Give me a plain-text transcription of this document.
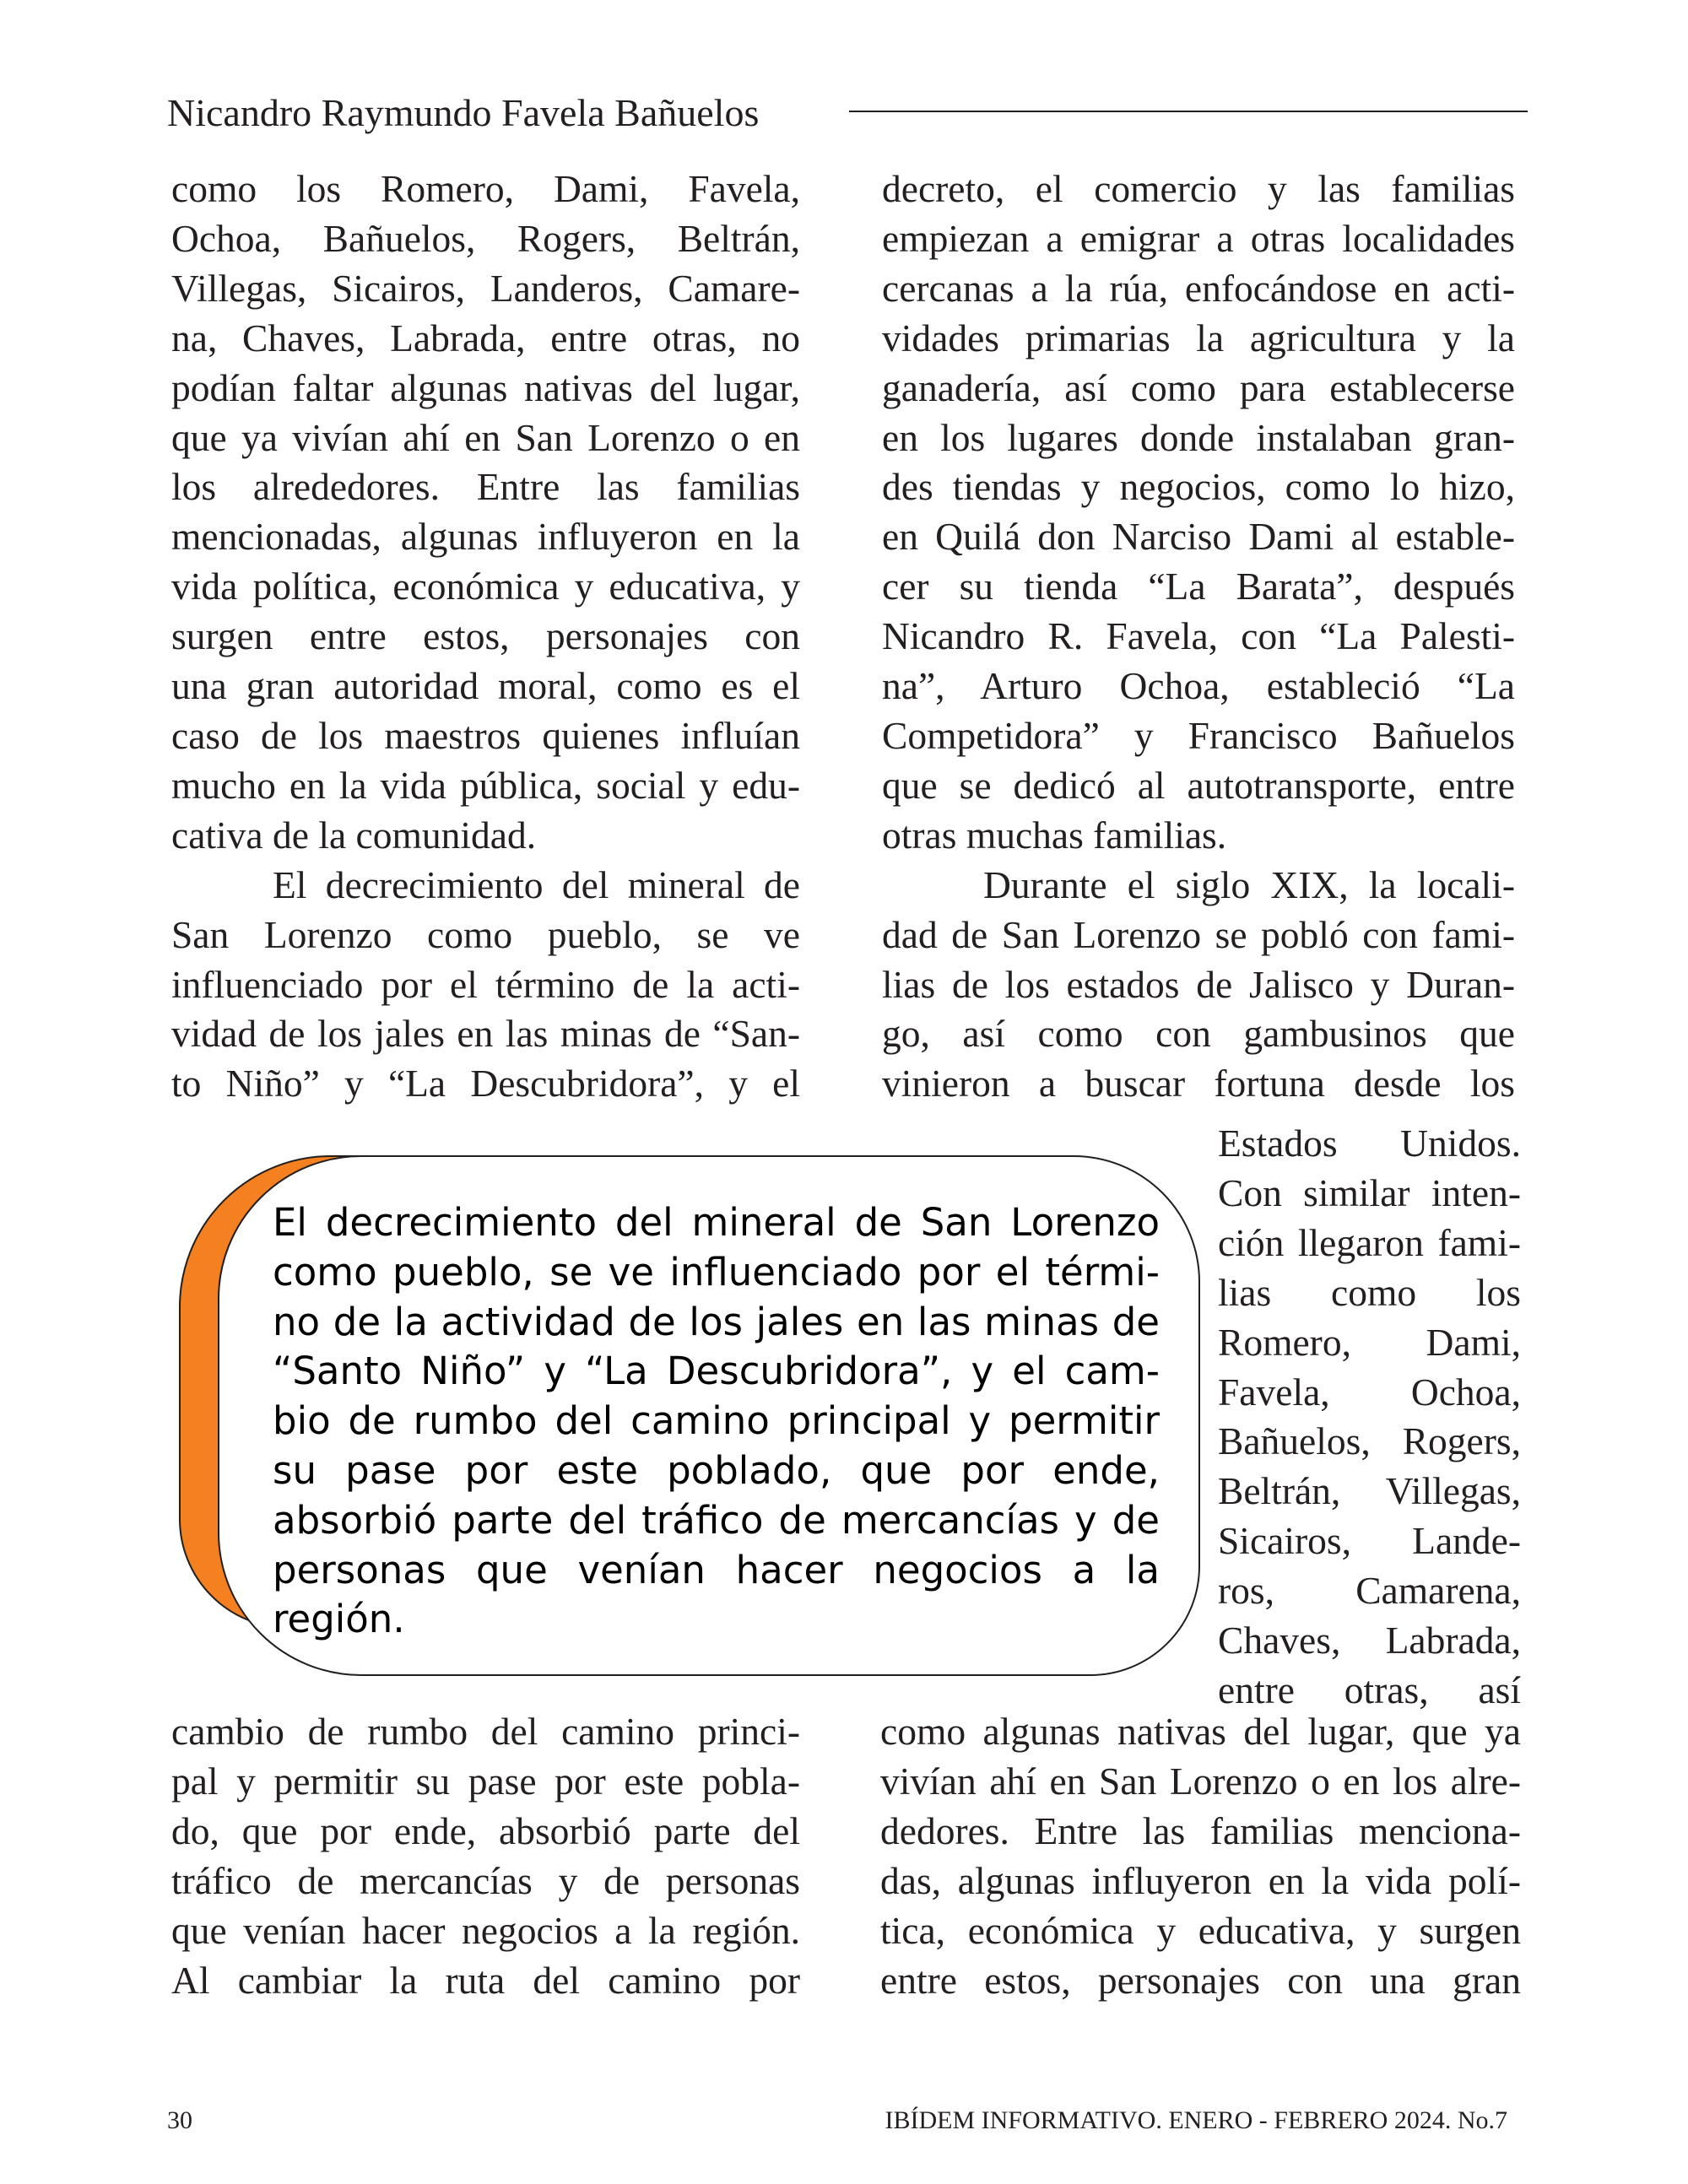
Nicandro Raymundo Favela Bañuelos
como los Romero, Dami, Favela,
Ochoa, Bañuelos, Rogers, Beltrán,
Villegas, Sicairos, Landeros, Camare-
na, Chaves, Labrada, entre otras, no
podían faltar algunas nativas del lugar,
que ya vivían ahí en San Lorenzo o en
los alrededores. Entre las familias
mencionadas, algunas influyeron en la
vida política, económica y educativa, y
surgen entre estos, personajes con
una gran autoridad moral, como es el
caso de los maestros quienes influían
mucho en la vida pública, social y edu-
cativa de la comunidad.
El decrecimiento del mineral de
San Lorenzo como pueblo, se ve
influenciado por el término de la acti-
vidad de los jales en las minas de “San-
to Niño” y “La Descubridora”, y el
decreto, el comercio y las familias
empiezan a emigrar a otras localidades
cercanas a la rúa, enfocándose en acti-
vidades primarias la agricultura y la
ganadería, así como para establecerse
en los lugares donde instalaban gran-
des tiendas y negocios, como lo hizo,
en Quilá don Narciso Dami al estable-
cer su tienda “La Barata”, después
Nicandro R. Favela, con “La Palesti-
na”, Arturo Ochoa, estableció “La
Competidora” y Francisco Bañuelos
que se dedicó al autotransporte, entre
otras muchas familias.
Durante el siglo XIX, la locali-
dad de San Lorenzo se pobló con fami-
lias de los estados de Jalisco y Duran-
go, así como con gambusinos que
vinieron a buscar fortuna desde los
El decrecimiento del mineral de San Lorenzo
como pueblo, se ve influenciado por el térmi-
no de la actividad de los jales en las minas de
“Santo Niño” y “La Descubridora”, y el cam-
bio de rumbo del camino principal y permitir
su pase por este poblado, que por ende,
absorbió parte del tráfico de mercancías y de
personas que venían hacer negocios a la
región.
Estados Unidos.
Con similar inten-
ción llegaron fami-
lias como los
Romero, Dami,
Favela, Ochoa,
Bañuelos, Rogers,
Beltrán, Villegas,
Sicairos, Lande-
ros, Camarena,
Chaves, Labrada,
entre otras, así
cambio de rumbo del camino princi-
pal y permitir su pase por este pobla-
do, que por ende, absorbió parte del
tráfico de mercancías y de personas
que venían hacer negocios a la región.
Al cambiar la ruta del camino por
como algunas nativas del lugar, que ya
vivían ahí en San Lorenzo o en los alre-
dedores. Entre las familias menciona-
das, algunas influyeron en la vida polí-
tica, económica y educativa, y surgen
entre estos, personajes con una gran
30	IBÍDEM INFORMATIVO. ENERO - FEBRERO 2024. No.7
